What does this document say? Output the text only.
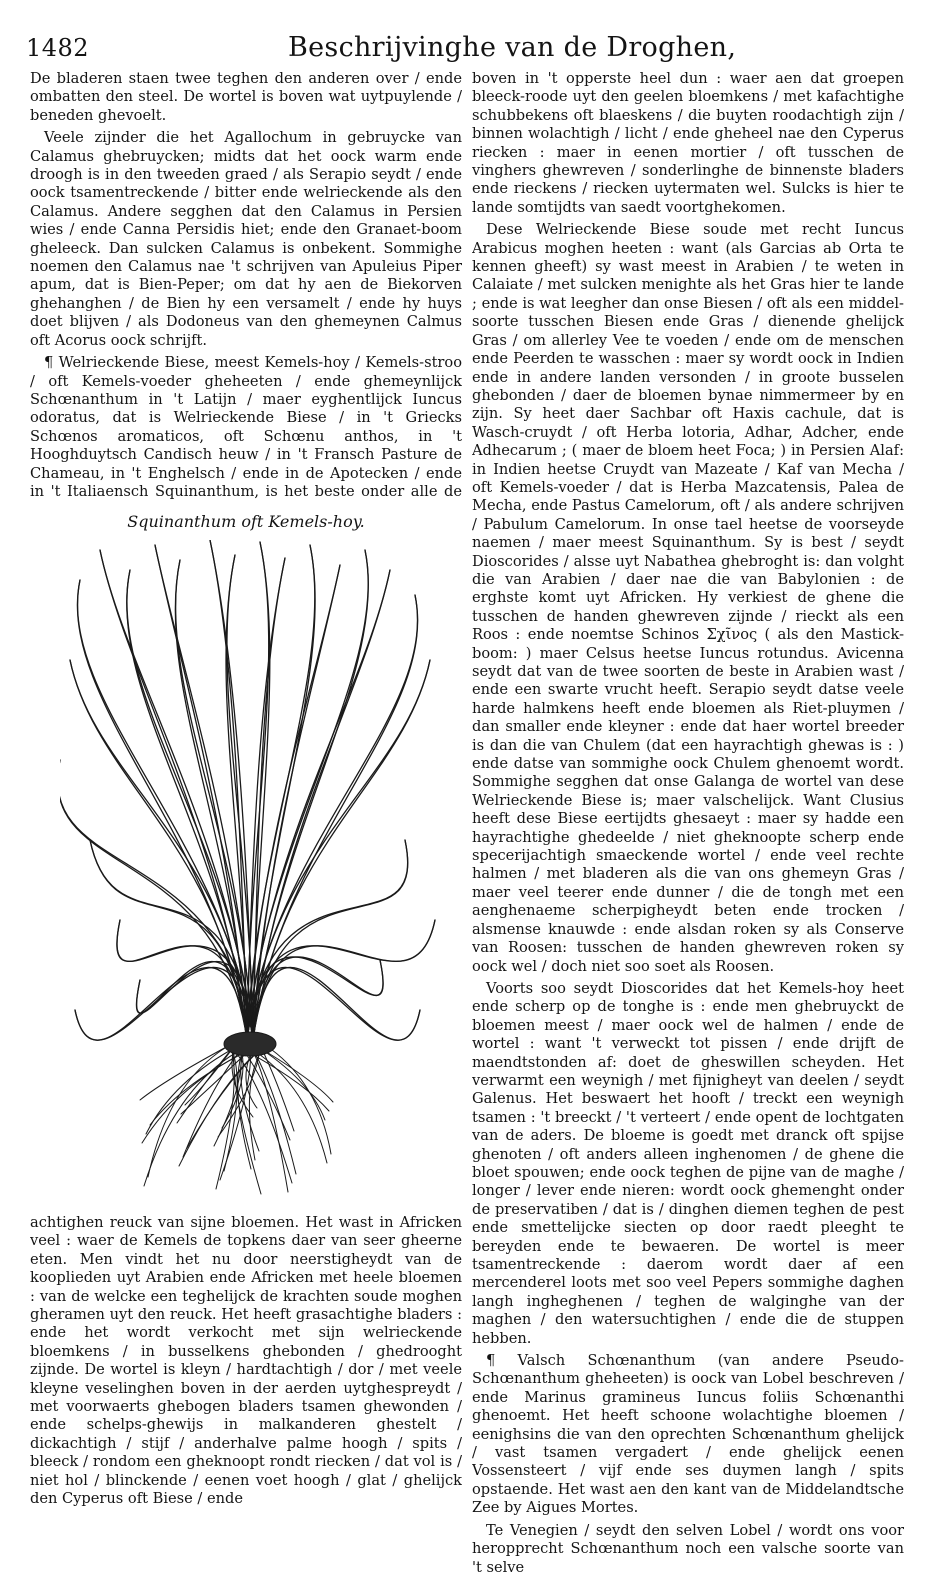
1482	Beschrijvinghe van de Droghen,

De bladeren staen twee teghen den anderen over / ende ombatten den steel. De wortel is boven wat uytpuylende / beneden ghevoelt.

Veele zijnder die het Agallochum in gebruycke van Calamus ghebruycken; midts dat het oock warm ende droogh is in den tweeden graed / als Serapio seydt / ende oock tsamentreckende / bitter ende welrieckende als den Calamus. Andere segghen dat den Calamus in Persien wies / ende Canna Persidis hiet; ende den Granaet-boom gheleeck. Dan sulcken Calamus is onbekent. Sommighe noemen den Calamus nae 't schrijven van Apuleius Piper apum, dat is Bien-Peper; om dat hy aen de Biekorven ghehanghen / de Bien hy een versamelt / ende hy huys doet blijven / als Dodoneus van den ghemeynen Calmus oft Acorus oock schrijft.

¶ Welrieckende Biese, meest Kemels-hoy / Kemels-stroo / oft Kemels-voeder gheheeten / ende ghemeynlijck Schœnanthum in 't Latijn / maer eyghentlijck Iuncus odoratus, dat is Welrieckende Biese / in 't Griecks Schœnos aromaticos, oft Schœnu anthos, in 't Hooghduytsch Candisch heuw / in 't Fransch Pasture de Chameau, in 't Enghelsch / ende in de Apotecken / ende in 't Italiaensch Squinanthum, is het beste onder alle de

Squinanthum oft Kemels-hoy.

achtighen reuck van sijne bloemen. Het wast in Africken veel : waer de Kemels de topkens daer van seer gheerne eten. Men vindt het nu door neerstigheydt van de kooplieden uyt Arabien ende Africken met heele bloemen : van de welcke een teghelijck de krachten soude moghen gheramen uyt den reuck. Het heeft grasachtighe bladers : ende het wordt verkocht met sijn welrieckende bloemkens / in busselkens ghebonden / ghedrooght zijnde. De wortel is kleyn / hardtachtigh / dor / met veele kleyne veselinghen boven in der aerden uytghespreydt / met voorwaerts ghebogen bladers tsamen ghewonden / ende schelps-ghewijs in malkanderen ghestelt / dickachtigh / stijf / anderhalve palme hoogh / spits / bleeck / rondom een gheknoopt rondt riecken / dat vol is / niet hol / blinckende / eenen voet hoogh / glat / ghelijck den Cyperus oft Biese / ende

boven in 't opperste heel dun : waer aen dat groepen bleeck-roode uyt den geelen bloemkens / met kafachtighe schubbekens oft blaeskens / die buyten roodachtigh zijn / binnen wolachtigh / licht / ende gheheel nae den Cyperus riecken : maer in eenen mortier / oft tusschen de vinghers ghewreven / sonderlinghe de binnenste bladers ende rieckens / riecken uytermaten wel. Sulcks is hier te lande somtijdts van saedt voortghekomen.

Dese Welrieckende Biese soude met recht Iuncus Arabicus moghen heeten : want (als Garcias ab Orta te kennen gheeft) sy wast meest in Arabien / te weten in Calaiate / met sulcken menighte als het Gras hier te lande ; ende is wat leegher dan onse Biesen / oft als een middel-soorte tusschen Biesen ende Gras / dienende ghelijck Gras / om allerley Vee te voeden / ende om de menschen ende Peerden te wasschen : maer sy wordt oock in Indien ende in andere landen versonden / in groote busselen ghebonden / daer de bloemen bynae nimmermeer by en zijn. Sy heet daer Sachbar oft Haxis cachule, dat is Wasch-cruydt / oft Herba lotoria, Adhar, Adcher, ende Adhecarum ; ( maer de bloem heet Foca; ) in Persien Alaf: in Indien heetse Cruydt van Mazeate / Kaf van Mecha / oft Kemels-voeder / dat is Herba Mazcatensis, Palea de Mecha, ende Pastus Camelorum, oft / als andere schrijven / Pabulum Camelorum. In onse tael heetse de voorseyde naemen / maer meest Squinanthum. Sy is best / seydt Dioscorides / alsse uyt Nabathea ghebroght is: dan volght die van Arabien / daer nae die van Babylonien : de erghste komt uyt Africken. Hy verkiest de ghene die tusschen de handen ghewreven zijnde / rieckt als een Roos : ende noemtse Schinos Σχῖνος ( als den Mastick-boom: ) maer Celsus heetse Iuncus rotundus. Avicenna seydt dat van de twee soorten de beste in Arabien wast / ende een swarte vrucht heeft. Serapio seydt datse veele harde halmkens heeft ende bloemen als Riet-pluymen / dan smaller ende kleyner : ende dat haer wortel breeder is dan die van Chulem (dat een hayrachtigh ghewas is : ) ende datse van sommighe oock Chulem ghenoemt wordt. Sommighe segghen dat onse Galanga de wortel van dese Welrieckende Biese is; maer valschelijck. Want Clusius heeft dese Biese eertijdts ghesaeyt : maer sy hadde een hayrachtighe ghedeelde / niet gheknoopte scherp ende specerijachtigh smaeckende wortel / ende veel rechte halmen / met bladeren als die van ons ghemeyn Gras / maer veel teerer ende dunner / die de tongh met een aenghenaeme scherpigheydt beten ende trocken / alsmense knauwde : ende alsdan roken sy als Conserve van Roosen: tusschen de handen ghewreven roken sy oock wel / doch niet soo soet als Roosen.

Voorts soo seydt Dioscorides dat het Kemels-hoy heet ende scherp op de tonghe is : ende men ghebruyckt de bloemen meest / maer oock wel de halmen / ende de wortel : want 't verweckt tot pissen / ende drijft de maendtstonden af: doet de gheswillen scheyden. Het verwarmt een weynigh / met fijnigheyt van deelen / seydt Galenus. Het beswaert het hooft / treckt een weynigh tsamen : 't breeckt / 't verteert / ende opent de lochtgaten van de aders. De bloeme is goedt met dranck oft spijse ghenoten / oft anders alleen inghenomen / de ghene die bloet spouwen; ende oock teghen de pijne van de maghe / longer / lever ende nieren: wordt oock ghemenght onder de preservatiben / dat is / dinghen diemen teghen de pest ende smettelijcke siecten op door raedt pleeght te bereyden ende te bewaeren. De wortel is meer tsamentreckende : daerom wordt daer af een mercenderel loots met soo veel Pepers sommighe daghen langh ingheghenen / teghen de walginghe van der maghen / den watersuchtighen / ende die de stuppen hebben.

¶ Valsch Schœnanthum (van andere Pseudo-Schœnanthum gheheeten) is oock van Lobel beschreven / ende Marinus gramineus Iuncus foliis Schœnanthi ghenoemt. Het heeft schoone wolachtighe bloemen / eenighsins die van den oprechten Schœnanthum ghelijck / vast tsamen vergadert / ende ghelijck eenen Vossensteert / vijf ende ses duymen langh / spits opstaende. Het wast aen den kant van de Middelandtsche Zee by Aigues Mortes.

Te Venegien / seydt den selven Lobel / wordt ons voor heropprecht Schœnanthum noch een valsche soorte van 't selve
